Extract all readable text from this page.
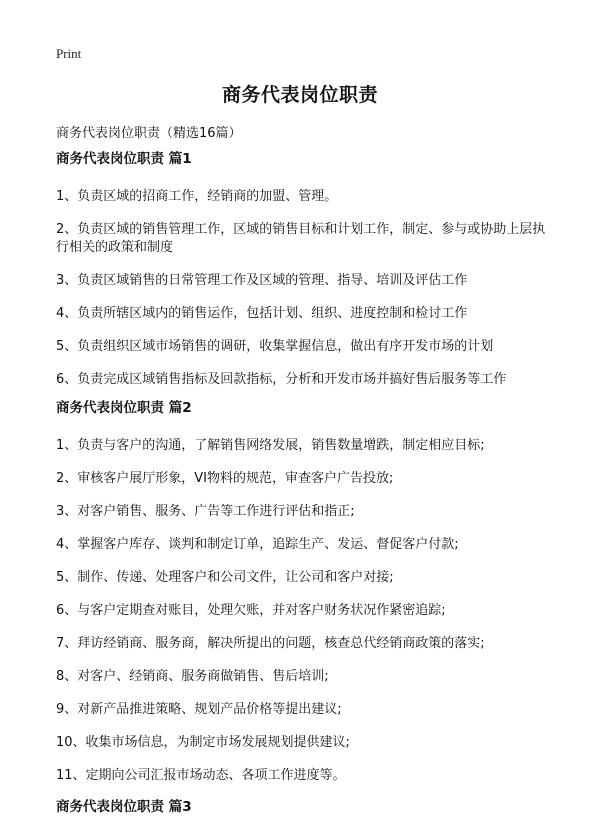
Print
商务代表岗位职责
商务代表岗位职责（精选16篇）
商务代表岗位职责 篇1
1、负责区域的招商工作，经销商的加盟、管理。
2、负责区域的销售管理工作，区域的销售目标和计划工作，制定、参与或协助上层执行相关的政策和制度
3、负责区域销售的日常管理工作及区域的管理、指导、培训及评估工作
4、负责所辖区域内的销售运作，包括计划、组织、进度控制和检讨工作
5、负责组织区域市场销售的调研，收集掌握信息，做出有序开发市场的计划
6、负责完成区域销售指标及回款指标，分析和开发市场并搞好售后服务等工作
商务代表岗位职责 篇2
1、负责与客户的沟通，了解销售网络发展，销售数量增跌，制定相应目标;
2、审核客户展厅形象，VI物料的规范，审查客户广告投放;
3、对客户销售、服务、广告等工作进行评估和指正;
4、掌握客户库存、谈判和制定订单，追踪生产、发运、督促客户付款;
5、制作、传递、处理客户和公司文件，让公司和客户对接;
6、与客户定期查对账目，处理欠账，并对客户财务状况作紧密追踪;
7、拜访经销商、服务商，解决所提出的问题，核查总代经销商政策的落实;
8、对客户、经销商、服务商做销售、售后培训;
9、对新产品推进策略、规划产品价格等提出建议;
10、收集市场信息，为制定市场发展规划提供建议;
11、定期向公司汇报市场动态、各项工作进度等。
商务代表岗位职责 篇3
